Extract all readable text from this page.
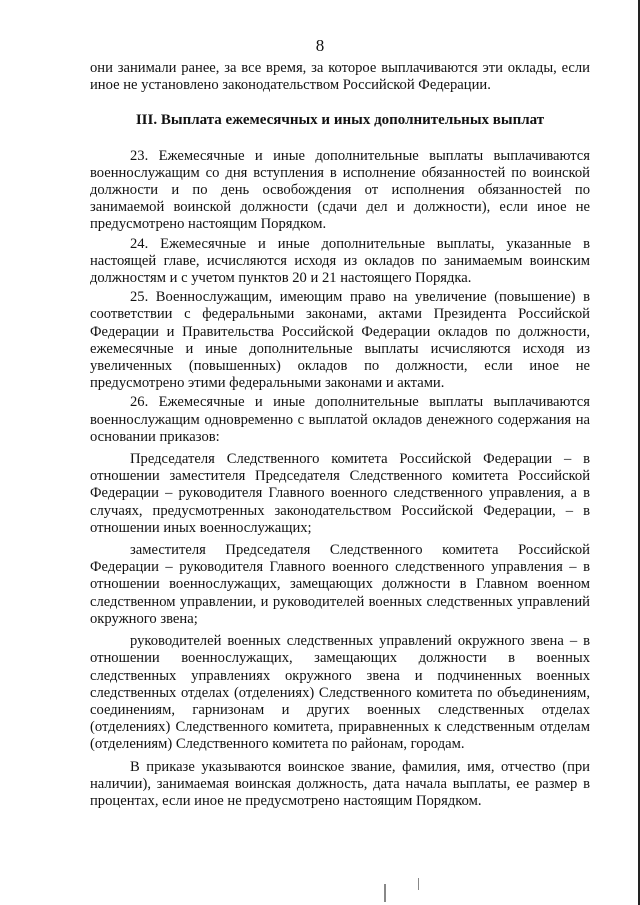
8

они занимали ранее, за все время, за которое выплачиваются эти оклады, если иное не установлено законодательством Российской Федерации.

III. Выплата ежемесячных и иных дополнительных выплат

23. Ежемесячные и иные дополнительные выплаты выплачиваются военнослужащим со дня вступления в исполнение обязанностей по воинской должности и по день освобождения от исполнения обязанностей по занимаемой воинской должности (сдачи дел и должности), если иное не предусмотрено настоящим Порядком.

24. Ежемесячные и иные дополнительные выплаты, указанные в настоящей главе, исчисляются исходя из окладов по занимаемым воинским должностям и с учетом пунктов 20 и 21 настоящего Порядка.

25. Военнослужащим, имеющим право на увеличение (повышение) в соответствии с федеральными законами, актами Президента Российской Федерации и Правительства Российской Федерации окладов по должности, ежемесячные и иные дополнительные выплаты исчисляются исходя из увеличенных (повышенных) окладов по должности, если иное не предусмотрено этими федеральными законами и актами.

26. Ежемесячные и иные дополнительные выплаты выплачиваются военнослужащим одновременно с выплатой окладов денежного содержания на основании приказов:

Председателя Следственного комитета Российской Федерации – в отношении заместителя Председателя Следственного комитета Российской Федерации – руководителя Главного военного следственного управления, а в случаях, предусмотренных законодательством Российской Федерации, – в отношении иных военнослужащих;

заместителя Председателя Следственного комитета Российской Федерации – руководителя Главного военного следственного управления – в отношении военнослужащих, замещающих должности в Главном военном следственном управлении, и руководителей военных следственных управлений окружного звена;

руководителей военных следственных управлений окружного звена – в отношении военнослужащих, замещающих должности в военных следственных управлениях окружного звена и подчиненных военных следственных отделах (отделениях) Следственного комитета по объединениям, соединениям, гарнизонам и других военных следственных отделах (отделениях) Следственного комитета, приравненных к следственным отделам (отделениям) Следственного комитета по районам, городам.

В приказе указываются воинское звание, фамилия, имя, отчество (при наличии), занимаемая воинская должность, дата начала выплаты, ее размер в процентах, если иное не предусмотрено настоящим Порядком.
